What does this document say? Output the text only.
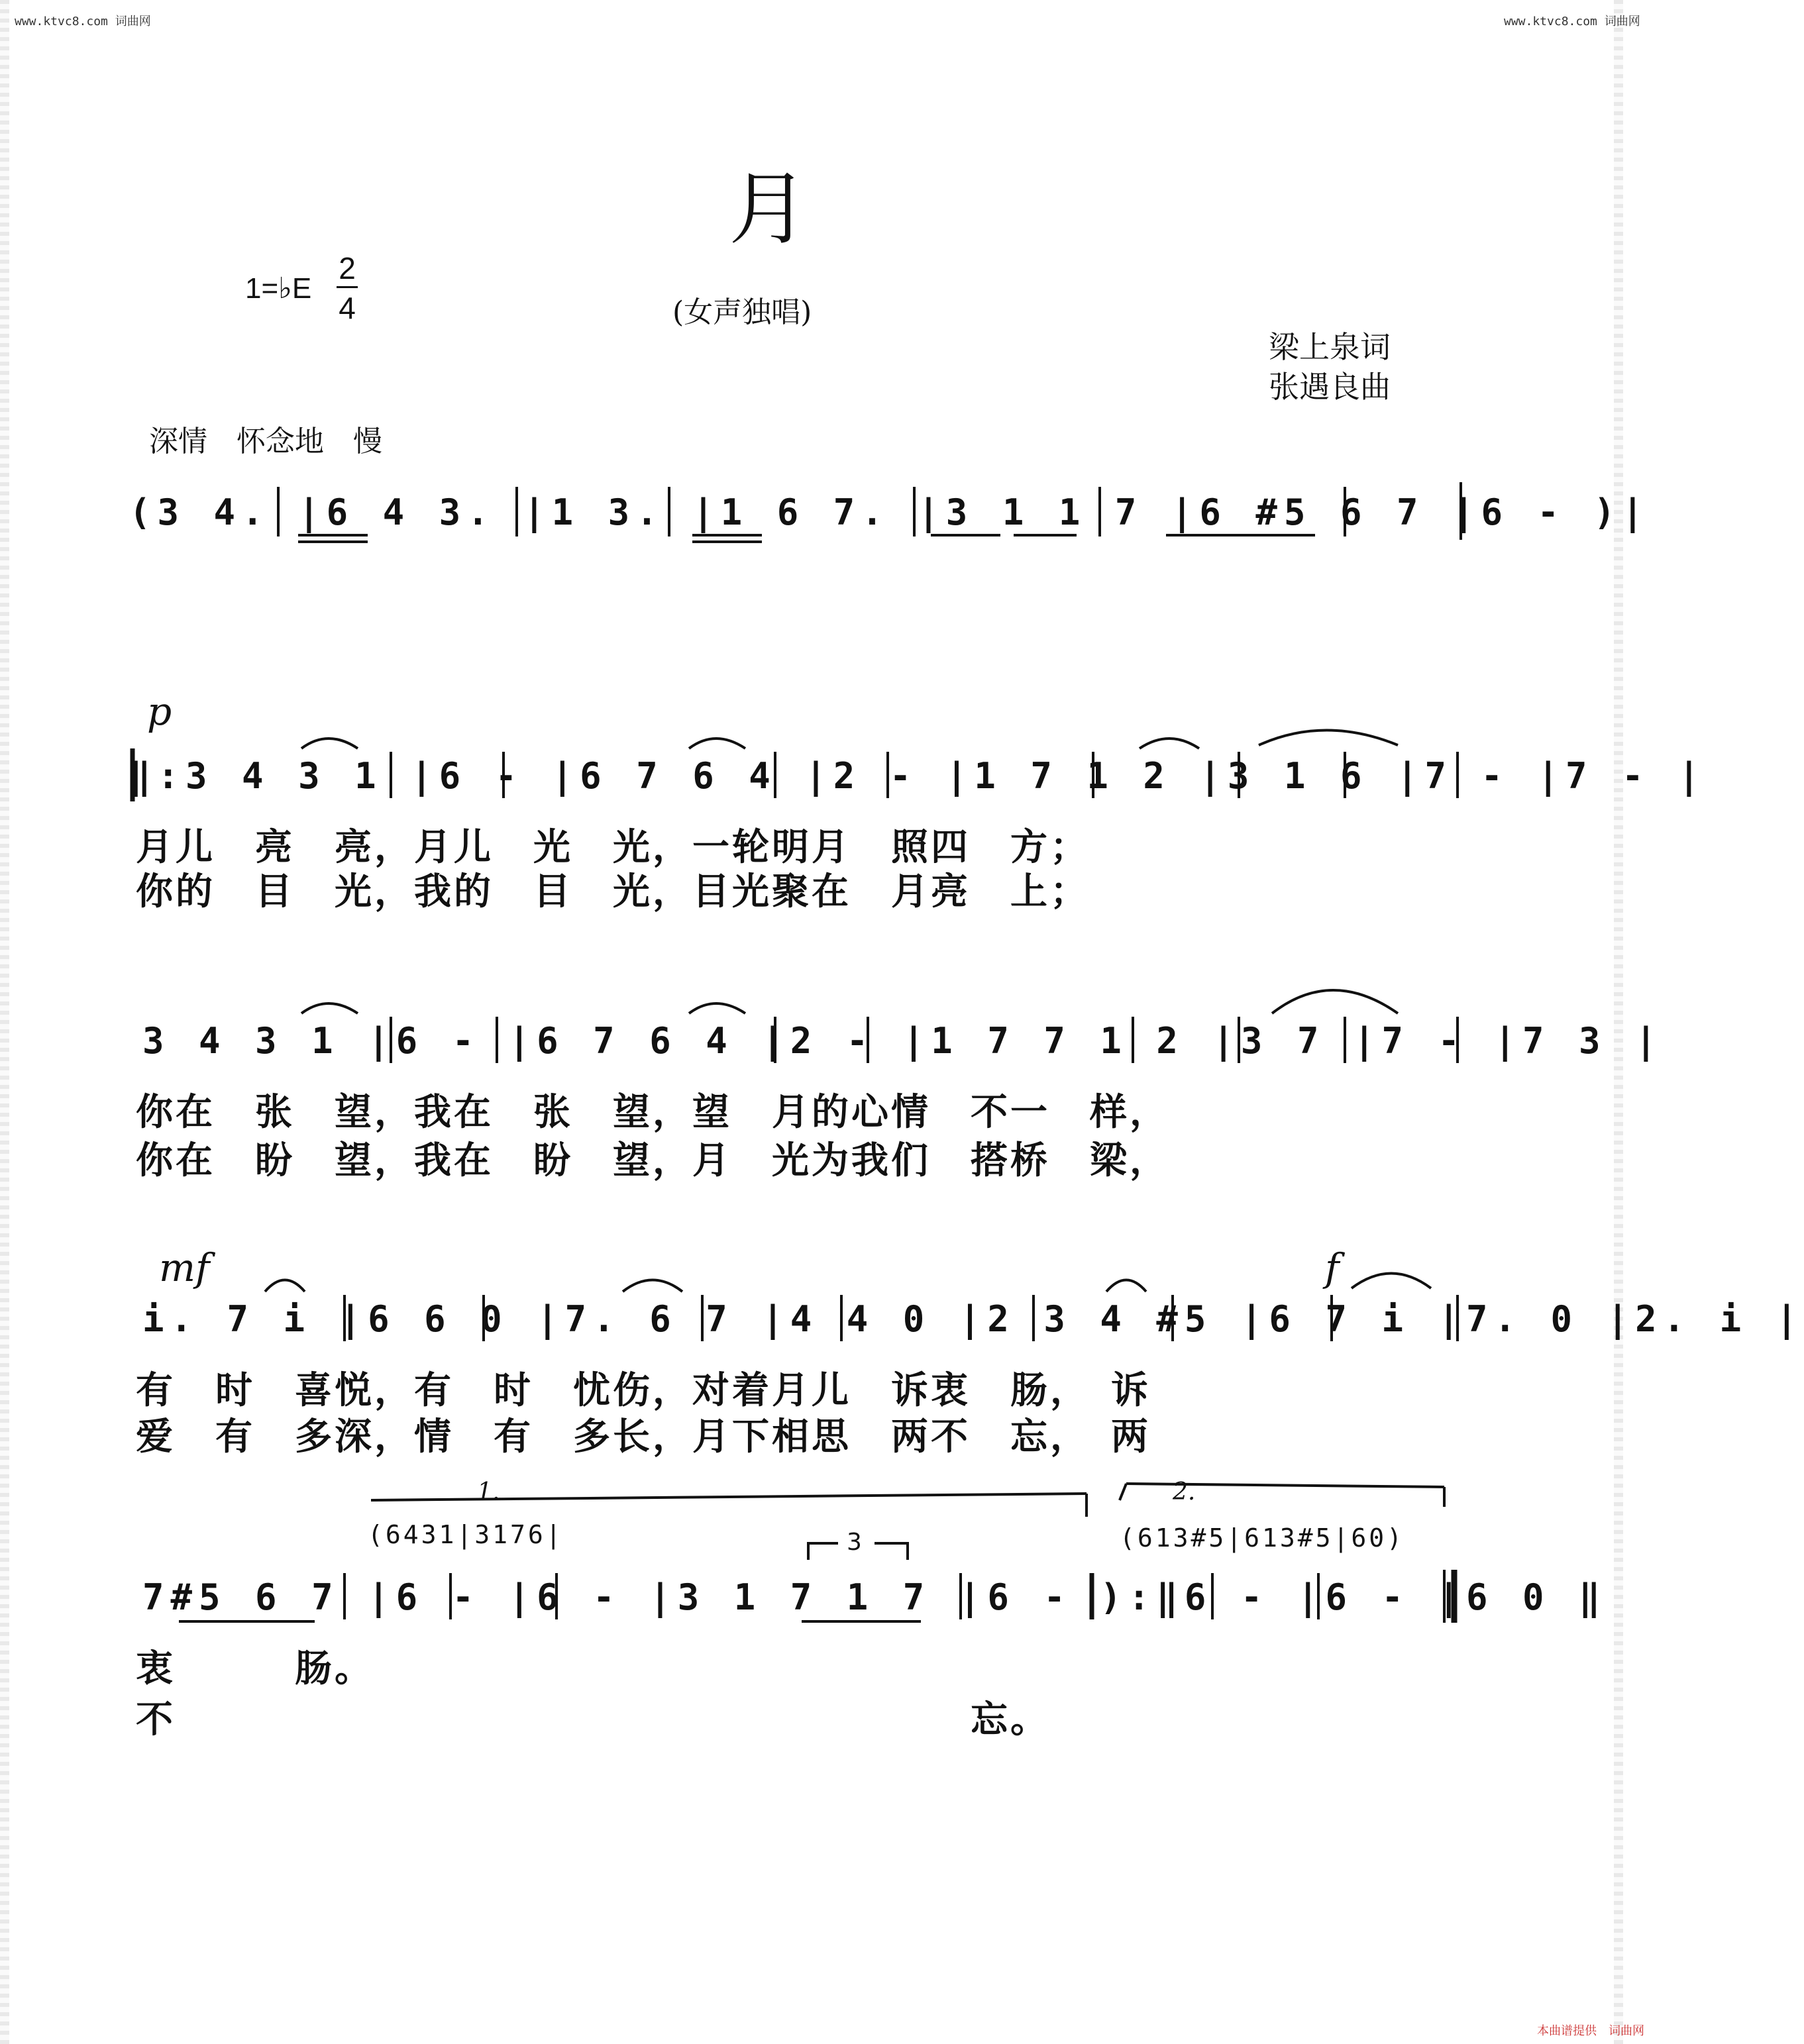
www.ktvc8.com 词曲网	www.ktvc8.com 词曲网
月
(女声独唱)
1=♭E
2
4
梁上泉词
张遇良曲
深情　怀念地　慢
(3 4. |6 4 3. |1 3. |1 6 7. |3 1 1 7 |6 #5 6 7 |6 - )|
p
‖:3 4 3 1 |6 - |6 7 6 4 |2 - |1 7 1 2 |3 1 6 |7 - |7 - |
月儿　亮　亮，月儿　光　光，一轮明月　照四　方；
你的　目　光，我的　目　光，目光聚在　月亮　上；
3 4 3 1 |6 - |6 7 6 4 |2 - |1 7 7 1 2 |3 7 |7 - |7 3 |
你在　张　望，我在　张　望，望　月的心情　不一　样，
你在　盼　望，我在　盼　望，月　光为我们　搭桥　梁，
mf	f
i. 7 i |6 6 0 |7. 6 7 |4 4 0 |2 3 4 #5 |6 7 i |7. 0 |2. i |
有　时　喜悦，有　时　忧伤，对着月儿　诉衷　肠，　诉
爱　有　多深，情　有　多长，月下相思　两不　忘，　两
1.	2.
(6431|3176|	(613#5|613#5|60)
3
7#5 6 7 |6 - |6 - |3 1 7 1 7 |6 - ):‖6 - |6 - |6 0 ‖
衷　　　肠。
不　　　　　　　　　　　　　　　　　　　　忘。
本曲谱提供　词曲网
